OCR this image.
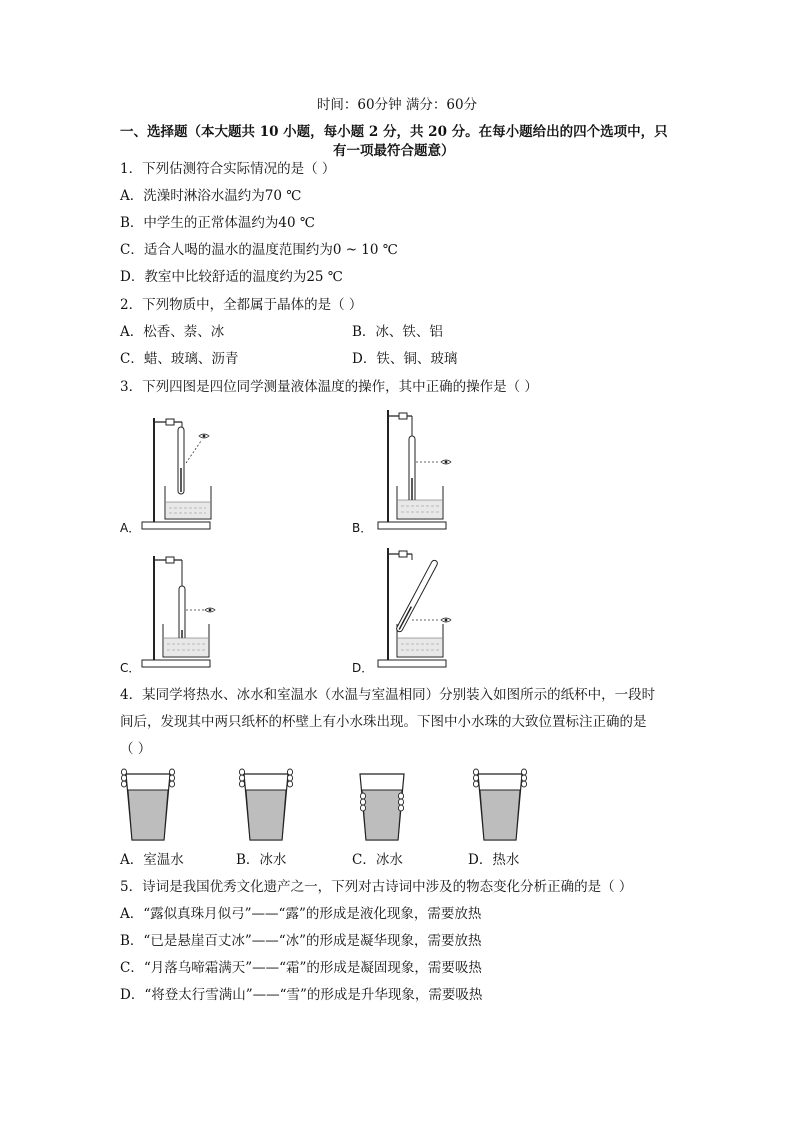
时间：60分钟 满分：60分
一、选择题（本大题共 10 小题，每小题 2 分，共 20 分。在每小题给出的四个选项中，只
有一项最符合题意）
1．下列估测符合实际情况的是（ ）
A．洗澡时淋浴水温约为70 ℃
B．中学生的正常体温约为40 ℃
C．适合人喝的温水的温度范围约为0 ~ 10 ℃
D．教室中比较舒适的温度约为25 ℃
2．下列物质中，全都属于晶体的是（ ）
A．松香、萘、冰	B．冰、铁、铝
C．蜡、玻璃、沥青	D．铁、铜、玻璃
3．下列四图是四位同学测量液体温度的操作，其中正确的操作是（ ）
A．	B．
C．	D．
4．某同学将热水、冰水和室温水（水温与室温相同）分别装入如图所示的纸杯中，一段时
间后，发现其中两只纸杯的杯壁上有小水珠出现。下图中小水珠的大致位置标注正确的是
（ ）
A．室温水	B．冰水	C．冰水	D．热水
5．诗词是我国优秀文化遗产之一，下列对古诗词中涉及的物态变化分析正确的是（ ）
A．“露似真珠月似弓”——“露”的形成是液化现象，需要放热
B．“已是悬崖百丈冰”——“冰”的形成是凝华现象，需要放热
C．“月落乌啼霜满天”——“霜”的形成是凝固现象，需要吸热
D．“将登太行雪满山”——“雪”的形成是升华现象，需要吸热
